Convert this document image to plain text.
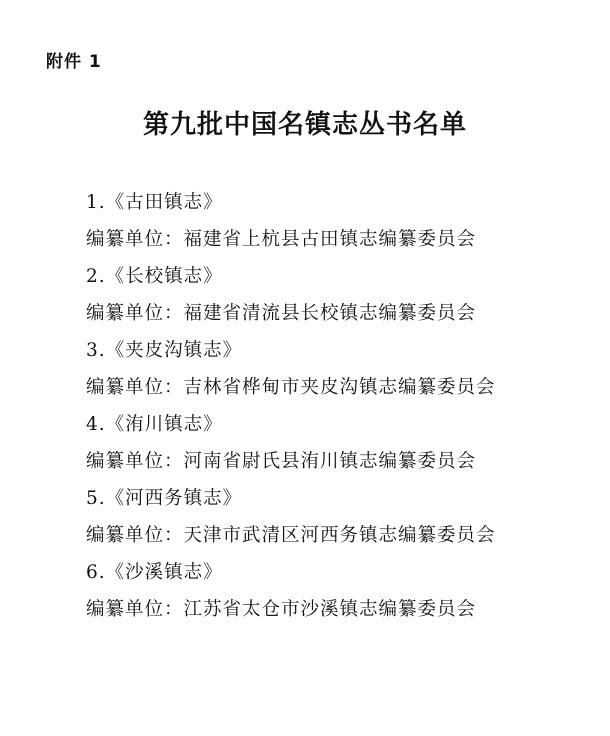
附件 1
第九批中国名镇志丛书名单
1.《古田镇志》
编纂单位：福建省上杭县古田镇志编纂委员会
2.《长校镇志》
编纂单位：福建省清流县长校镇志编纂委员会
3.《夹皮沟镇志》
编纂单位：吉林省桦甸市夹皮沟镇志编纂委员会
4.《洧川镇志》
编纂单位：河南省尉氏县洧川镇志编纂委员会
5.《河西务镇志》
编纂单位：天津市武清区河西务镇志编纂委员会
6.《沙溪镇志》
编纂单位：江苏省太仓市沙溪镇志编纂委员会
